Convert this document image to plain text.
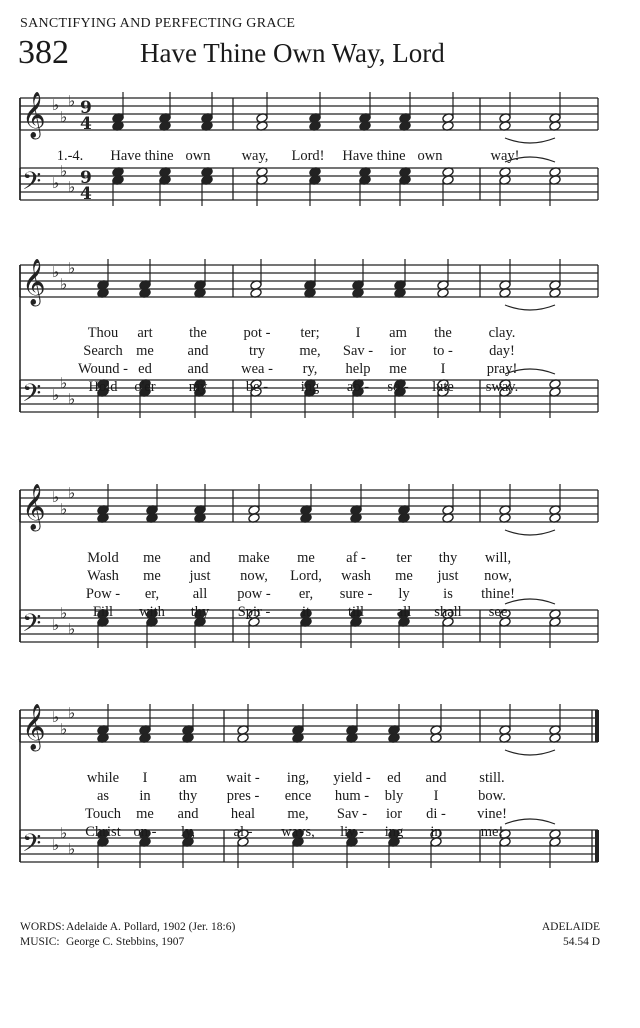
SANCTIFYING AND PERFECTING GRACE
382	Have Thine Own Way, Lord
𝄞 ♭
♭
♭ 9
4
𝄢 ♭
♭
♭ 9
4
1.-4. Have thine own way, Lord! Have thine own	way!
𝄞 ♭
♭
♭
𝄢 ♭
♭
♭
Thou art	the	pot - ter; I am the	clay.
Search me and	try me, Sav - ior to -	day!
Wound - ed and wea - ry, help me I	pray!
Hold o'er my	be - ing ab - so - lute sway.
𝄞 ♭
♭
♭
𝄢 ♭
♭
♭
Mold me and make me af - ter thy will,
Wash me just now, Lord, wash me just now,
Pow - er, all pow - er, sure - ly is thine!
Fill with thy Spir - it	till all shall see
𝄞 ♭
♭
♭
𝄢 ♭
♭
♭
while I am wait - ing, yield - ed and still.
as in thy pres - ence hum - bly I	bow.
Touch me and heal me, Sav - ior di - vine!
Christ on - ly,	al - ways, liv - ing in	me!
WORDS:Adelaide A. Pollard, 1902 (Jer. 18:6)
MUSIC: George C. Stebbins, 1907
ADELAIDE
54.54 D
